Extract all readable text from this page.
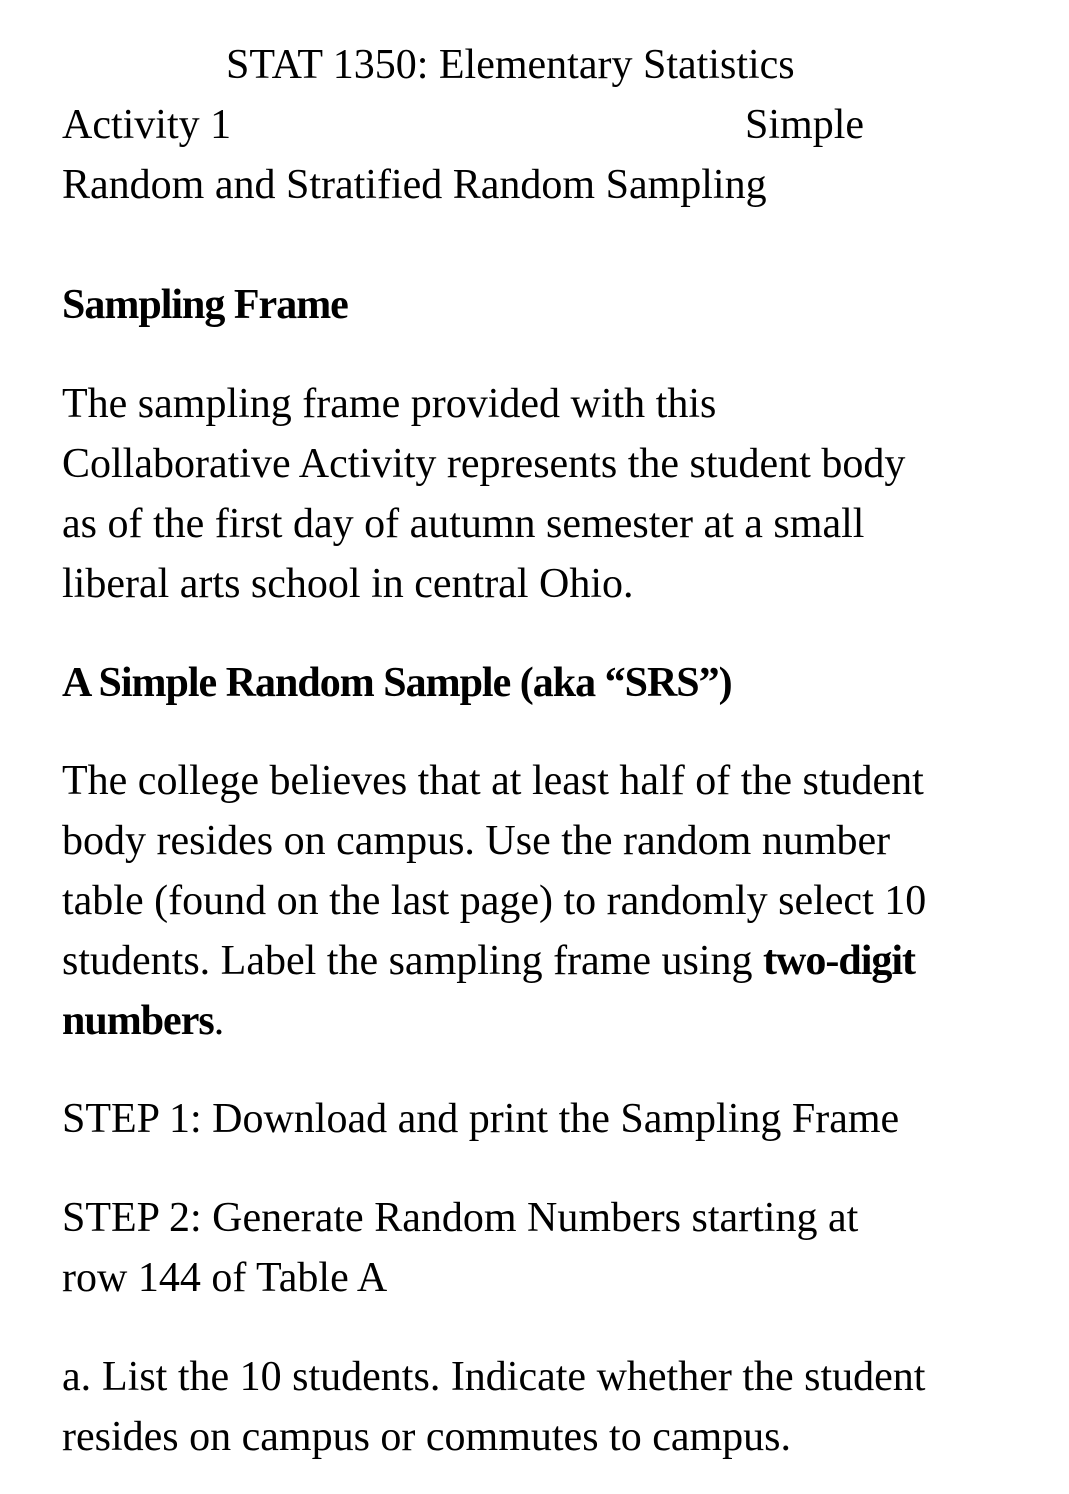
STAT 1350: Elementary Statistics
Activity 1	Simple
Random and Stratified Random Sampling
Sampling Frame
The sampling frame provided with this
Collaborative Activity represents the student body
as of the first day of autumn semester at a small
liberal arts school in central Ohio.
A Simple Random Sample (aka “SRS”)
The college believes that at least half of the student
body resides on campus. Use the random number
table (found on the last page) to randomly select 10
students. Label the sampling frame using two-digit
numbers.
STEP 1: Download and print the Sampling Frame
STEP 2: Generate Random Numbers starting at
row 144 of Table A
a. List the 10 students. Indicate whether the student
resides on campus or commutes to campus.
